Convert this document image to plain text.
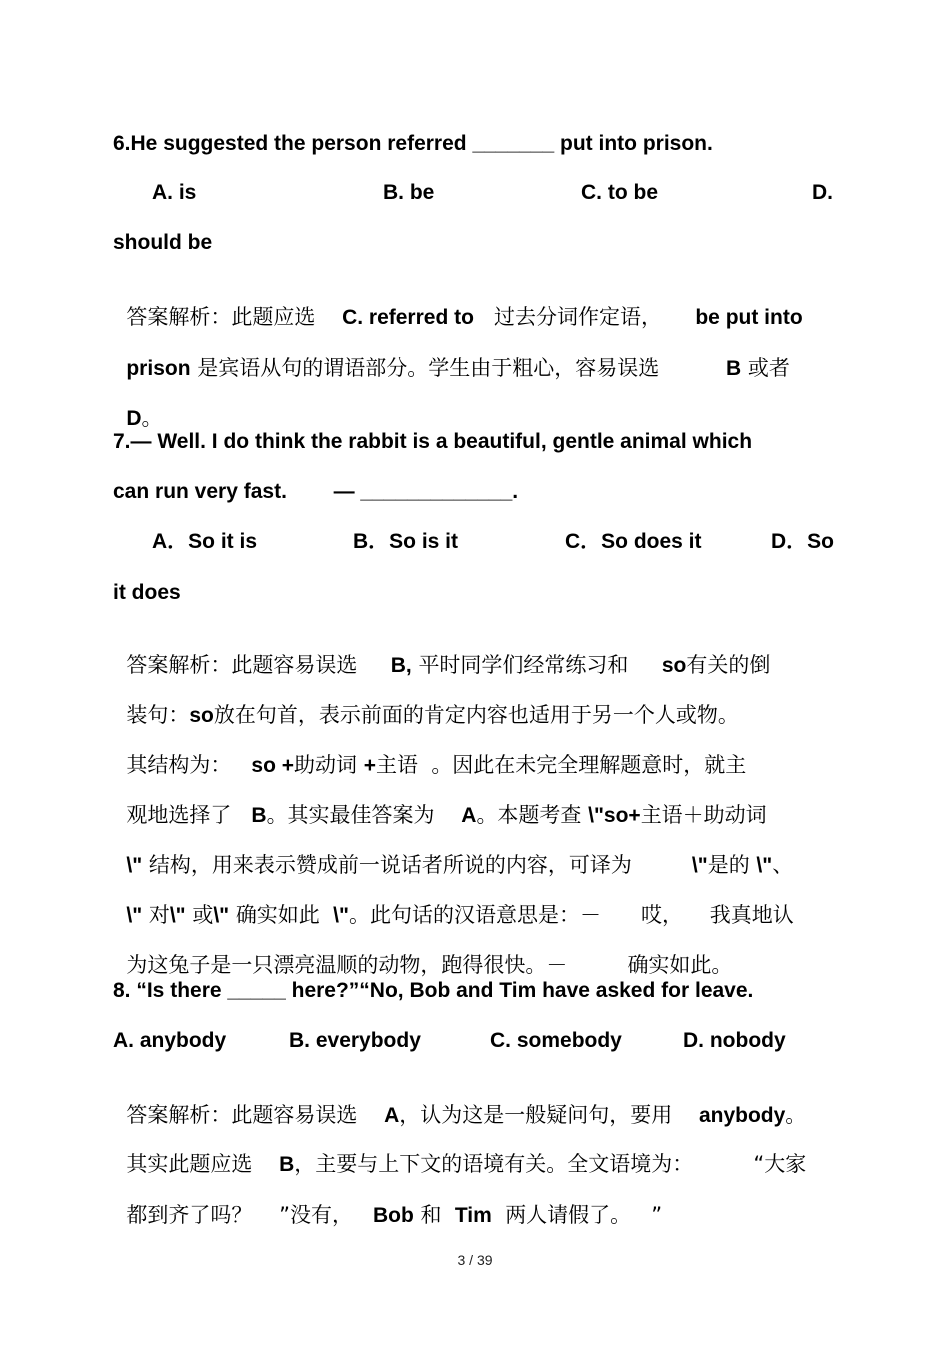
6.He suggested the person referred _______ put into prison.
A. is	B. be	C. to be	D.
should be

答案解析：此题应选 C. referred to 过去分词作定语， be put into

prison 是宾语从句的谓语部分。学生由于粗心，容易误选	B 或者

D。

7.— Well. I do think the rabbit is a beautiful, gentle animal which
can run very fast.        — _____________.
A．So it is	B．So is it	C．So does it	D．So
it does

答案解析：此题容易误选 B, 平时同学们经常练习和 so有关的倒

装句：so放在句首，表示前面的肯定内容也适用于另一个人或物。

其结构为： so +助动词 +主语 。因此在未完全理解题意时，就主

观地选择了 B。其实最佳答案为 A。本题考查 \"so+主语＋助动词

\" 结构，用来表示赞成前一说话者所说的内容，可译为	\"是的 \"、

\" 对\" 或\" 确实如此 \"。此句话的汉语意思是：－ 哎， 我真地认

为这兔子是一只漂亮温顺的动物，跑得很快。－	确实如此。

8. “Is there _____ here?”“No, Bob and Tim have asked for leave.
A. anybody	B. everybody	C. somebody	D. nobody

答案解析：此题容易误选 A，认为这是一般疑问句，要用 anybody。

其实此题应选 B，主要与上下文的语境有关。全文语境为：	“大家

都到齐了吗？ ”没有， Bob 和 Tim 两人请假了。 ”

3 / 39
